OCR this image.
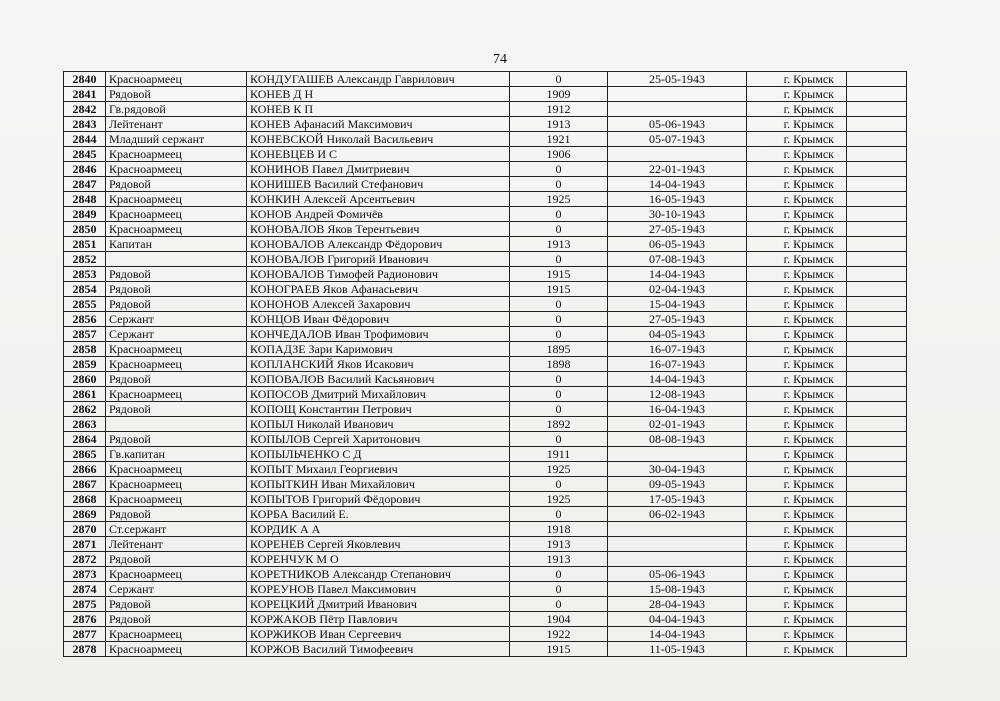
74
2840	Красноармеец	КОНДУГАШЕВ Александр Гаврилович	0	25-05-1943	г. Крымск	
2841	Рядовой	КОНЕВ Д Н	1909		г. Крымск	
2842	Гв.рядовой	КОНЕВ К П	1912		г. Крымск	
2843	Лейтенант	КОНЕВ Афанасий Максимович	1913	05-06-1943	г. Крымск	
2844	Младший сержант	КОНЕВСКОЙ Николай Васильевич	1921	05-07-1943	г. Крымск	
2845	Красноармеец	КОНЕВЦЕВ И С	1906		г. Крымск	
2846	Красноармеец	КОНИНОВ Павел Дмитриевич	0	22-01-1943	г. Крымск	
2847	Рядовой	КОНИШЕВ Василий Стефанович	0	14-04-1943	г. Крымск	
2848	Красноармеец	КОНКИН Алексей Арсентьевич	1925	16-05-1943	г. Крымск	
2849	Красноармеец	КОНОВ Андрей Фомичёв	0	30-10-1943	г. Крымск	
2850	Красноармеец	КОНОВАЛОВ Яков Терентьевич	0	27-05-1943	г. Крымск	
2851	Капитан	КОНОВАЛОВ Александр Фёдорович	1913	06-05-1943	г. Крымск	
2852		КОНОВАЛОВ Григорий Иванович	0	07-08-1943	г. Крымск	
2853	Рядовой	КОНОВАЛОВ Тимофей Радионович	1915	14-04-1943	г. Крымск	
2854	Рядовой	КОНОГРАЕВ Яков Афанасьевич	1915	02-04-1943	г. Крымск	
2855	Рядовой	КОНОНОВ Алексей Захарович	0	15-04-1943	г. Крымск	
2856	Сержант	КОНЦОВ Иван Фёдорович	0	27-05-1943	г. Крымск	
2857	Сержант	КОНЧЕДАЛОВ Иван Трофимович	0	04-05-1943	г. Крымск	
2858	Красноармеец	КОПАДЗЕ Зари Каримович	1895	16-07-1943	г. Крымск	
2859	Красноармеец	КОПЛАНСКИЙ Яков Исакович	1898	16-07-1943	г. Крымск	
2860	Рядовой	КОПОВАЛОВ Василий Касьянович	0	14-04-1943	г. Крымск	
2861	Красноармеец	КОПОСОВ Дмитрий Михайлович	0	12-08-1943	г. Крымск	
2862	Рядовой	КОПОЩ Константин Петрович	0	16-04-1943	г. Крымск	
2863		КОПЫЛ Николай Иванович	1892	02-01-1943	г. Крымск	
2864	Рядовой	КОПЫЛОВ Сергей Харитонович	0	08-08-1943	г. Крымск	
2865	Гв.капитан	КОПЫЛЬЧЕНКО С Д	1911		г. Крымск	
2866	Красноармеец	КОПЫТ Михаил Георгиевич	1925	30-04-1943	г. Крымск	
2867	Красноармеец	КОПЫТКИН Иван Михайлович	0	09-05-1943	г. Крымск	
2868	Красноармеец	КОПЫТОВ Григорий Фёдорович	1925	17-05-1943	г. Крымск	
2869	Рядовой	КОРБА Василий Е.	0	06-02-1943	г. Крымск	
2870	Ст.сержант	КОРДИК А А	1918		г. Крымск	
2871	Лейтенант	КОРЕНЕВ Сергей Яковлевич	1913		г. Крымск	
2872	Рядовой	КОРЕНЧУК М О	1913		г. Крымск	
2873	Красноармеец	КОРЕТНИКОВ Александр Степанович	0	05-06-1943	г. Крымск	
2874	Сержант	КОРЕУНОВ Павел Максимович	0	15-08-1943	г. Крымск	
2875	Рядовой	КОРЕЦКИЙ Дмитрий Иванович	0	28-04-1943	г. Крымск	
2876	Рядовой	КОРЖАКОВ Пётр Павлович	1904	04-04-1943	г. Крымск	
2877	Красноармеец	КОРЖИКОВ Иван Сергеевич	1922	14-04-1943	г. Крымск	
2878	Красноармеец	КОРЖОВ Василий Тимофеевич	1915	11-05-1943	г. Крымск	
